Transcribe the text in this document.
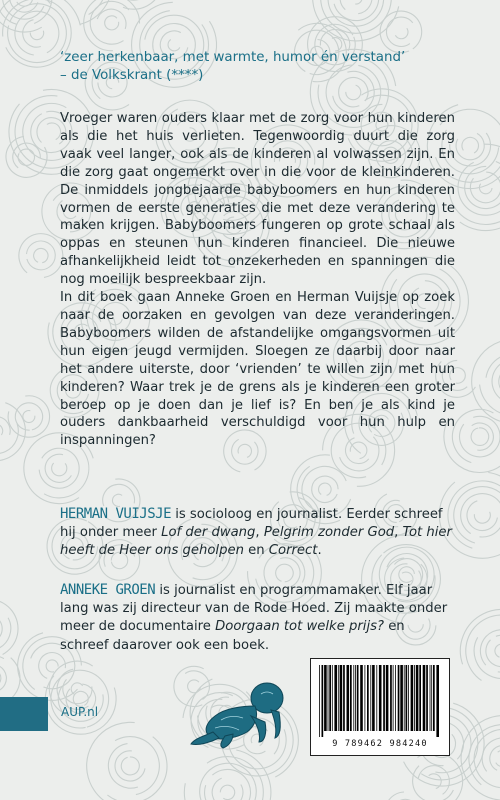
‘zeer herkenbaar, met warmte, humor én verstand’
– de Volkskrant (****)
Vroeger waren ouders klaar met de zorg voor hun kinderen als die het huis verlieten. Tegenwoordig duurt die zorg vaak veel langer, ook als de kinderen al volwassen zijn. En die zorg gaat ongemerkt over in die voor de kleinkinderen. De inmiddels jongbejaarde babyboomers en hun kinderen vormen de eerste generaties die met deze verandering te maken krijgen. Babyboomers fungeren op grote schaal als oppas en steunen hun kinderen financieel. Die nieuwe afhankelijkheid leidt tot onzekerheden en spanningen die nog moeilijk bespreekbaar zijn.
In dit boek gaan Anneke Groen en Herman Vuijsje op zoek naar de oorzaken en gevolgen van deze veranderingen. Babyboomers wilden de afstandelijke omgangsvormen uit hun eigen jeugd vermijden. Sloegen ze daarbij door naar het andere uiterste, door ‘vrienden’ te willen zijn met hun kinderen? Waar trek je de grens als je kinderen een groter beroep op je doen dan je lief is? En ben je als kind je ouders dankbaarheid verschuldigd voor hun hulp en inspanningen?
HERMAN VUIJSJE is socioloog en journalist. Eerder schreef hij onder meer Lof der dwang, Pelgrim zonder God, Tot hier heeft de Heer ons geholpen en Correct.
ANNEKE GROEN is journalist en programmamaker. Elf jaar lang was zij directeur van de Rode Hoed. Zij maakte onder meer de documentaire Doorgaan tot welke prijs? en schreef daarover ook een boek.
AUP.nl
9 789462 984240
